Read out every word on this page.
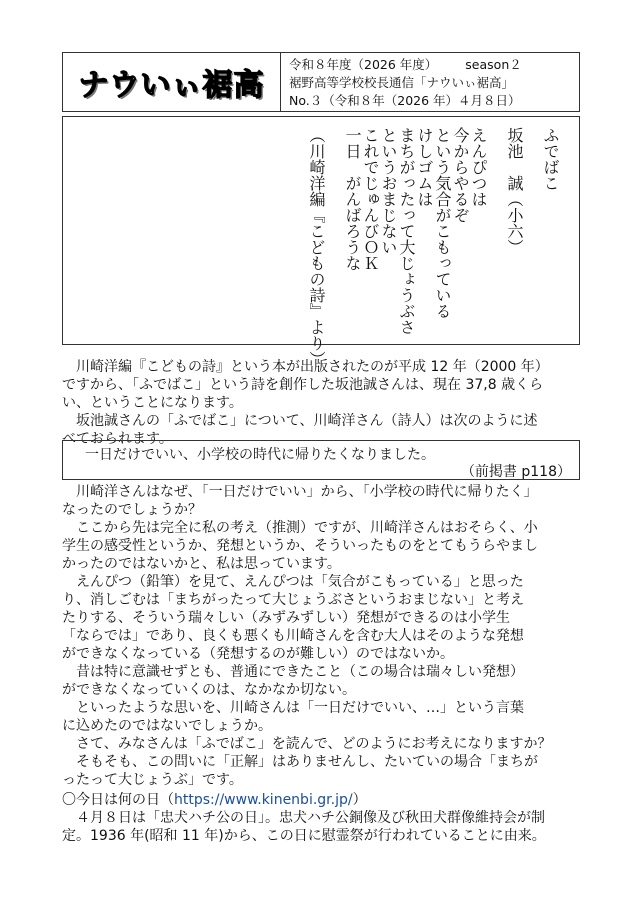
ナウいぃ裾高
令和８年度（2026 年度） season２
裾野高等学校校長通信「ナウいぃ裾高」
No.３（令和８年（2026 年）４月８日）
ふでばこ
坂池　誠（小六）
えんぴつは
今からやるぞ
という気合がこもっている
けしゴムは
まちがったって大じょうぶさ
というおまじない
これでじゅんびＯＫ
一日　がんばろうな
（川崎洋編『こどもの詩』より）
　川崎洋編『こどもの詩』という本が出版されたのが平成 12 年（2000 年）
ですから、「ふでばこ」という詩を創作した坂池誠さんは、現在 37,8 歳くら
い、ということになります。
　坂池誠さんの「ふでばこ」について、川崎洋さん（詩人）は次のように述
べておられます。
一日だけでいい、小学校の時代に帰りたくなりました。
（前掲書 p118）
　川崎洋さんはなぜ、「一日だけでいい」から、「小学校の時代に帰りたく」
なったのでしょうか？
　ここから先は完全に私の考え（推測）ですが、川崎洋さんはおそらく、小
学生の感受性というか、発想というか、そういったものをとてもうらやまし
かったのではないかと、私は思っています。
　えんぴつ（鉛筆）を見て、えんぴつは「気合がこもっている」と思った
り、消しごむは「まちがったって大じょうぶさというおまじない」と考え
たりする、そういう瑞々しい（みずみずしい）発想ができるのは小学生
「ならでは」であり、良くも悪くも川崎さんを含む大人はそのような発想
ができなくなっている（発想するのが難しい）のではないか。
　昔は特に意識せずとも、普通にできたこと（この場合は瑞々しい発想）
ができなくなっていくのは、なかなか切ない。
　といったような思いを、川崎さんは「一日だけでいい、…」という言葉
に込めたのではないでしょうか。
　さて、みなさんは「ふでばこ」を読んで、どのようにお考えになりますか？
　そもそも、この問いに「正解」はありませんし、たいていの場合「まちが
ったって大じょうぶ」です。
〇今日は何の日（https://www.kinenbi.gr.jp/）
　４月８日は「忠犬ハチ公の日」。忠犬ハチ公銅像及び秋田犬群像維持会が制
定。1936 年(昭和 11 年)から、この日に慰霊祭が行われていることに由来。
